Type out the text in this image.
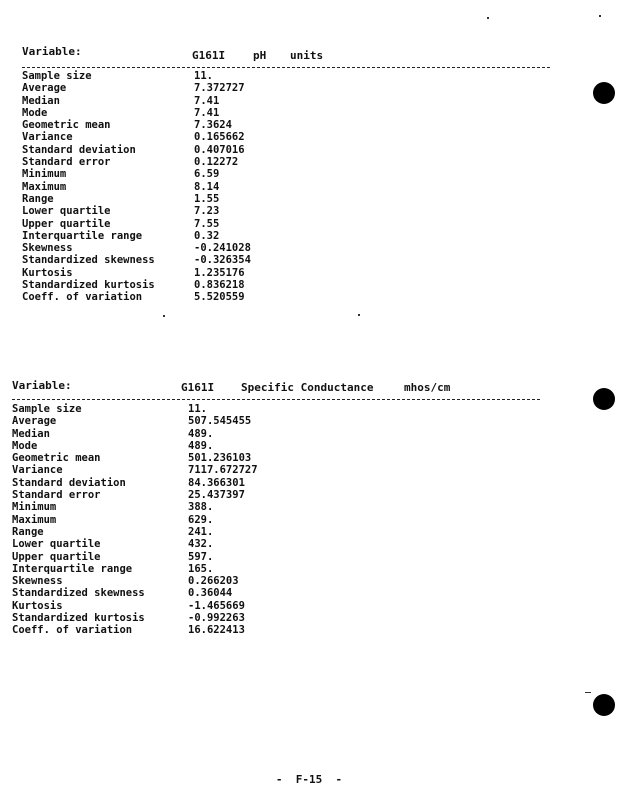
Variable:	G161I	pH units
Sample size	11.
Average	7.372727
Median	7.41
Mode	7.41
Geometric mean	7.3624
Variance	0.165662
Standard deviation	0.407016
Standard error	0.12272
Minimum	6.59
Maximum	8.14
Range	1.55
Lower quartile	7.23
Upper quartile	7.55
Interquartile range	0.32
Skewness	-0.241028
Standardized skewness	-0.326354
Kurtosis	1.235176
Standardized kurtosis	0.836218
Coeff. of variation	5.520559
Variable:	G161I Specific Conductance	mhos/cm
Sample size	11.
Average	507.545455
Median	489.
Mode	489.
Geometric mean	501.236103
Variance	7117.672727
Standard deviation	84.366301
Standard error	25.437397
Minimum	388.
Maximum	629.
Range	241.
Lower quartile	432.
Upper quartile	597.
Interquartile range	165.
Skewness	0.266203
Standardized skewness	0.36044
Kurtosis	-1.465669
Standardized kurtosis	-0.992263
Coeff. of variation	16.622413
-  F-15  -
